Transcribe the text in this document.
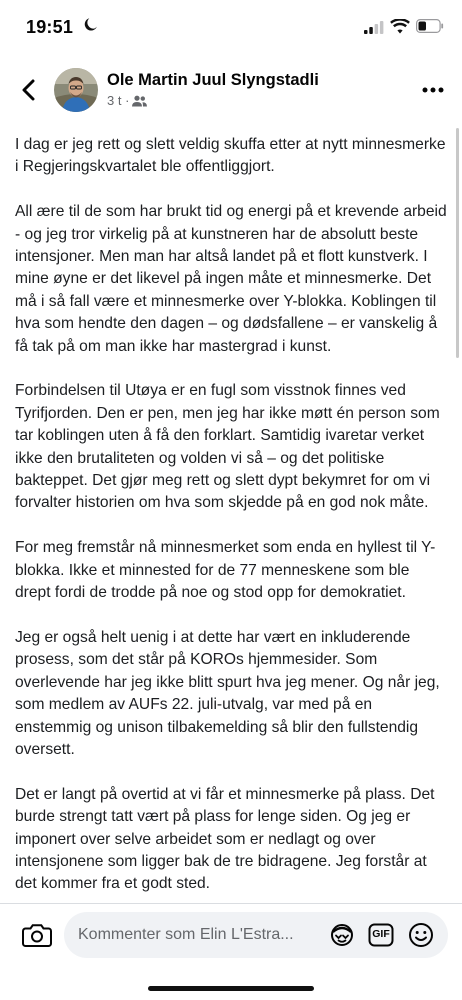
19:51
Ole Martin Juul Slyngstadli
3 t ·

I dag er jeg rett og slett veldig skuffa etter at nytt minnesmerke i Regjeringskvartalet ble offentliggjort.

All ære til de som har brukt tid og energi på et krevende arbeid - og jeg tror virkelig på at kunstneren har de absolutt beste intensjoner. Men man har altså landet på et flott kunstverk. I mine øyne er det likevel på ingen måte et minnesmerke. Det må i så fall være et minnesmerke over Y-blokka. Koblingen til hva som hendte den dagen – og dødsfallene – er vanskelig å få tak på om man ikke har mastergrad i kunst.

Forbindelsen til Utøya er en fugl som visstnok finnes ved Tyrifjorden. Den er pen, men jeg har ikke møtt én person som tar koblingen uten å få den forklart. Samtidig ivaretar verket ikke den brutaliteten og volden vi så – og det politiske bakteppet. Det gjør meg rett og slett dypt bekymret for om vi forvalter historien om hva som skjedde på en god nok måte.

For meg fremstår nå minnesmerket som enda en hyllest til Y-blokka. Ikke et minnested for de 77 menneskene som ble drept fordi de trodde på noe og stod opp for demokratiet.

Jeg er også helt uenig i at dette har vært en inkluderende prosess, som det står på KOROs hjemmesider. Som overlevende har jeg ikke blitt spurt hva jeg mener. Og når jeg, som medlem av AUFs 22. juli-utvalg, var med på en enstemmig og unison tilbakemelding så blir den fullstendig oversett.

Det er langt på overtid at vi får et minnesmerke på plass. Det burde strengt tatt vært på plass for lenge siden. Og jeg er imponert over selve arbeidet som er nedlagt og over intensjonene som ligger bak de tre bidragene. Jeg forstår at det kommer fra et godt sted.

Kommenter som Elin L'Estra...	GIF
